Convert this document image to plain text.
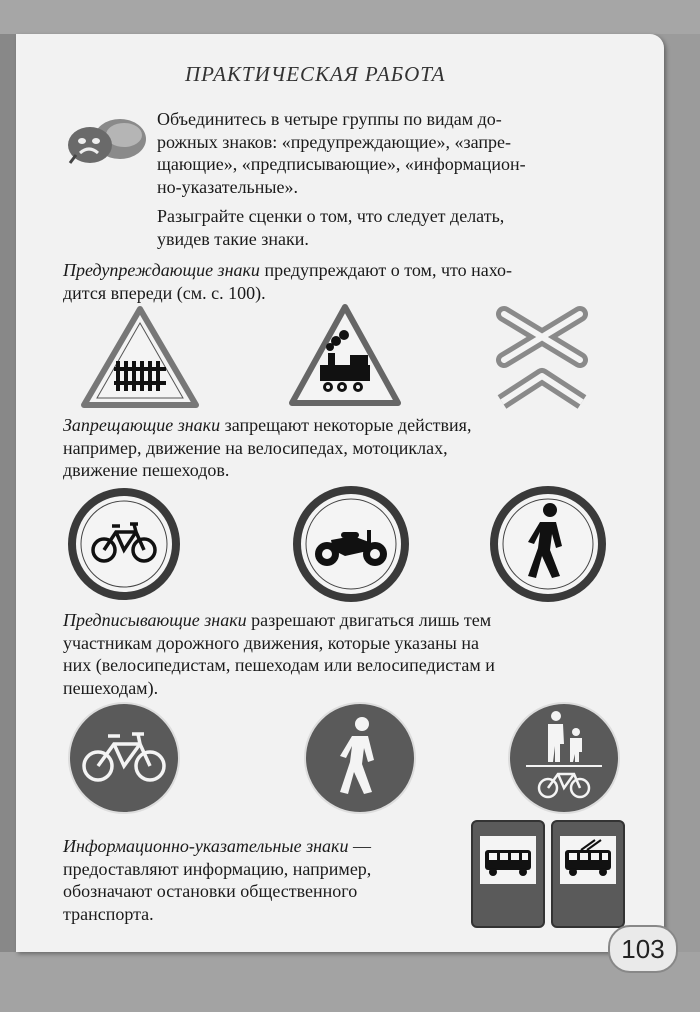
ПРАКТИЧЕСКАЯ РАБОТА
Объединитесь в четыре группы по видам до-
рожных знаков: «предупреждающие», «запре-
щающие», «предписывающие», «информацион-
но-указательные».
Разыграйте сценки о том, что следует делать,
увидев такие знаки.
Предупреждающие знаки предупреждают о том, что нахо-
дится впереди (см. с. 100).
Запрещающие знаки запрещают некоторые действия,
например, движение на велосипедах, мотоциклах,
движение пешеходов.
Предписывающие знаки разрешают двигаться лишь тем
участникам дорожного движения, которые указаны на
них (велосипедистам, пешеходам или велосипедистам и
пешеходам).
Информационно-указательные знаки —
предоставляют информацию, например,
обозначают остановки общественного
транспорта.
103
